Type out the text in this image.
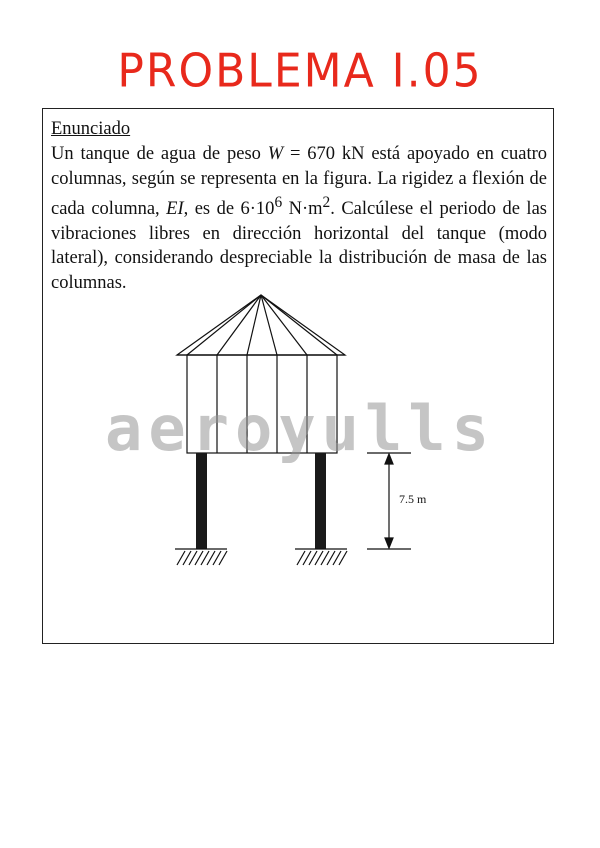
PROBLEMA I.05
Enunciado
Un tanque de agua de peso W = 670 kN está apoyado en cuatro columnas, según se representa en la figura. La rigidez a flexión de cada columna, EI, es de $6\cdot 10^6$ $N\cdot m^2$. Calcúlese el periodo de las vibraciones libres en dirección horizontal del tanque (modo lateral), considerando despreciable la distribución de masa de las columnas.
7.5 m
aeroyulls
